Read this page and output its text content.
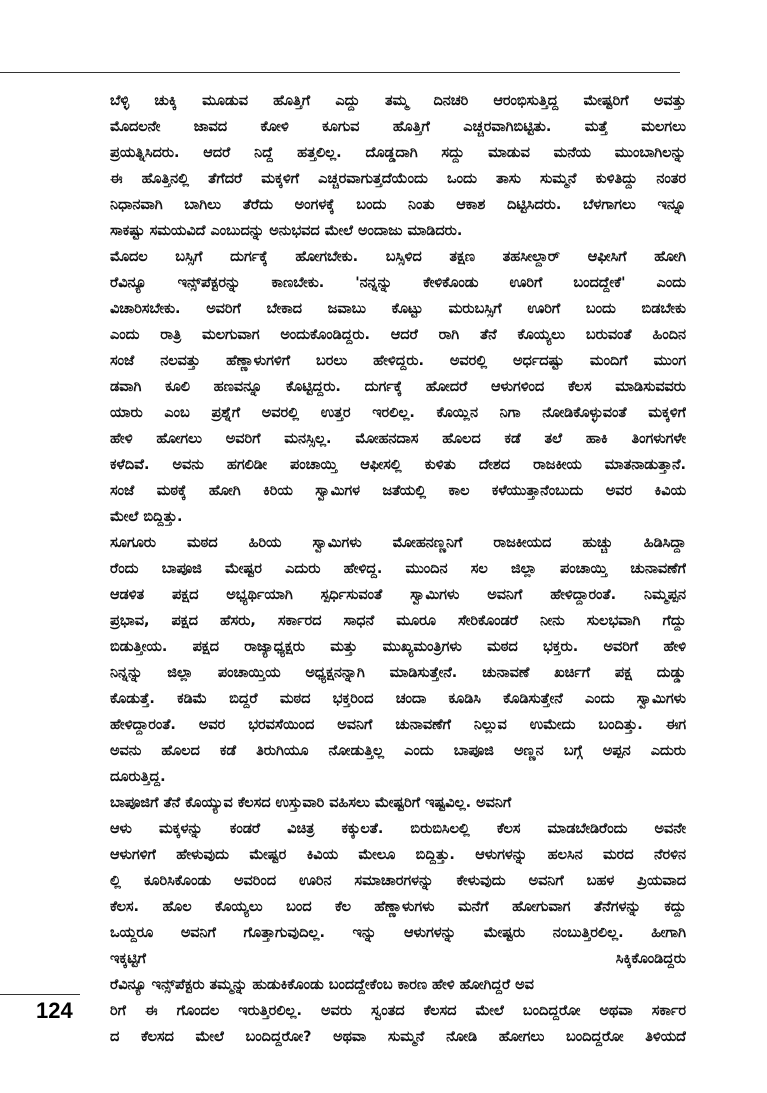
ಬೆಳ್ಳಿ ಚುಕ್ಕಿ ಮೂಡುವ ಹೊತ್ತಿಗೆ ಎದ್ದು ತಮ್ಮ ದಿನಚರಿ ಆರಂಭಿಸುತ್ತಿದ್ದ ಮೇಷ್ಟರಿಗೆ ಅವತ್ತು
ಮೊದಲನೇ ಜಾವದ ಕೋಳಿ ಕೂಗುವ ಹೊತ್ತಿಗೆ ಎಚ್ಚರವಾಗಿಬಿಟ್ಟಿತು. ಮತ್ತೆ ಮಲಗಲು
ಪ್ರಯತ್ನಿಸಿದರು. ಆದರೆ ನಿದ್ದೆ ಹತ್ತಲಿಲ್ಲ. ದೊಡ್ಡದಾಗಿ ಸದ್ದು ಮಾಡುವ ಮನೆಯ ಮುಂಬಾಗಿಲನ್ನು
ಈ ಹೊತ್ತಿನಲ್ಲಿ ತೆಗೆದರೆ ಮಕ್ಕಳಿಗೆ ಎಚ್ಚರವಾಗುತ್ತದೆಯೆಂದು ಒಂದು ತಾಸು ಸುಮ್ಮನೆ ಕುಳಿತಿದ್ದು ನಂತರ
ನಿಧಾನವಾಗಿ ಬಾಗಿಲು ತೆರೆದು ಅಂಗಳಕ್ಕೆ ಬಂದು ನಿಂತು ಆಕಾಶ ದಿಟ್ಟಿಸಿದರು. ಬೆಳಗಾಗಲು ಇನ್ನೂ
ಸಾಕಷ್ಟು ಸಮಯವಿದೆ ಎಂಬುದನ್ನು ಅನುಭವದ ಮೇಲೆ ಅಂದಾಜು ಮಾಡಿದರು.
ಮೊದಲ ಬಸ್ಸಿಗೆ ದುರ್ಗಕ್ಕೆ ಹೋಗಬೇಕು. ಬಸ್ಸಿಳಿದ ತಕ್ಷಣ ತಹಸೀಲ್ದಾರ್ ಆಫೀಸಿಗೆ ಹೋಗಿ
ರೆವಿನ್ಯೂ ಇನ್ಸ್‌ಪೆಕ್ಟರನ್ನು ಕಾಣಬೇಕು. 'ನನ್ನನ್ನು ಕೇಳಿಕೊಂಡು ಊರಿಗೆ ಬಂದದ್ದೇಕೆ' ಎಂದು
ವಿಚಾರಿಸಬೇಕು. ಅವರಿಗೆ ಬೇಕಾದ ಜವಾಬು ಕೊಟ್ಟು ಮರುಬಸ್ಸಿಗೆ ಊರಿಗೆ ಬಂದು ಬಿಡಬೇಕು
ಎಂದು ರಾತ್ರಿ ಮಲಗುವಾಗ ಅಂದುಕೊಂಡಿದ್ದರು. ಆದರೆ ರಾಗಿ ತೆನೆ ಕೊಯ್ಯಲು ಬರುವಂತೆ ಹಿಂದಿನ
ಸಂಜೆ ನಲವತ್ತು ಹೆಣ್ಣಾಳುಗಳಿಗೆ ಬರಲು ಹೇಳಿದ್ದರು. ಅವರಲ್ಲಿ ಅರ್ಧದಷ್ಟು ಮಂದಿಗೆ ಮುಂಗ
ಡವಾಗಿ ಕೂಲಿ ಹಣವನ್ನೂ ಕೊಟ್ಟಿದ್ದರು. ದುರ್ಗಕ್ಕೆ ಹೋದರೆ ಆಳುಗಳಿಂದ ಕೆಲಸ ಮಾಡಿಸುವವರು
ಯಾರು ಎಂಬ ಪ್ರಶ್ನೆಗೆ ಅವರಲ್ಲಿ ಉತ್ತರ ಇರಲಿಲ್ಲ. ಕೊಯ್ಲಿನ ನಿಗಾ ನೋಡಿಕೊಳ್ಳುವಂತೆ ಮಕ್ಕಳಿಗೆ
ಹೇಳಿ ಹೋಗಲು ಅವರಿಗೆ ಮನಸ್ಸಿಲ್ಲ. ಮೋಹನದಾಸ ಹೊಲದ ಕಡೆ ತಲೆ ಹಾಕಿ ತಿಂಗಳುಗಳೇ
ಕಳೆದಿವೆ. ಅವನು ಹಗಲಿಡೀ ಪಂಚಾಯ್ತಿ ಆಫೀಸಲ್ಲಿ ಕುಳಿತು ದೇಶದ ರಾಜಕೀಯ ಮಾತನಾಡುತ್ತಾನೆ.
ಸಂಜೆ ಮಠಕ್ಕೆ ಹೋಗಿ ಕಿರಿಯ ಸ್ವಾಮಿಗಳ ಜತೆಯಲ್ಲಿ ಕಾಲ ಕಳೆಯುತ್ತಾನೆಂಬುದು ಅವರ ಕಿವಿಯ
ಮೇಲೆ ಬಿದ್ದಿತ್ತು.
ಸೂಗೂರು ಮಠದ ಹಿರಿಯ ಸ್ವಾಮಿಗಳು ಮೋಹನಣ್ಣನಿಗೆ ರಾಜಕೀಯದ ಹುಚ್ಚು ಹಿಡಿಸಿದ್ದಾ
ರೆಂದು ಬಾಪೂಜಿ ಮೇಷ್ಟರ ಎದುರು ಹೇಳಿದ್ದ. ಮುಂದಿನ ಸಲ ಜಿಲ್ಲಾ ಪಂಚಾಯ್ತಿ ಚುನಾವಣೆಗೆ
ಆಡಳಿತ ಪಕ್ಷದ ಅಭ್ಯರ್ಥಿಯಾಗಿ ಸ್ಪರ್ಧಿಸುವಂತೆ ಸ್ವಾಮಿಗಳು ಅವನಿಗೆ ಹೇಳಿದ್ದಾರಂತೆ. ನಿಮ್ಮಪ್ಪನ
ಪ್ರಭಾವ, ಪಕ್ಷದ ಹೆಸರು, ಸರ್ಕಾರದ ಸಾಧನೆ ಮೂರೂ ಸೇರಿಕೊಂಡರೆ ನೀನು ಸುಲಭವಾಗಿ ಗೆದ್ದು
ಬಿಡುತ್ತೀಯ. ಪಕ್ಷದ ರಾಜ್ಯಾಧ್ಯಕ್ಷರು ಮತ್ತು ಮುಖ್ಯಮಂತ್ರಿಗಳು ಮಠದ ಭಕ್ತರು. ಅವರಿಗೆ ಹೇಳಿ
ನಿನ್ನನ್ನು ಜಿಲ್ಲಾ ಪಂಚಾಯ್ತಿಯ ಅಧ್ಯಕ್ಷನನ್ನಾಗಿ ಮಾಡಿಸುತ್ತೇನೆ. ಚುನಾವಣೆ ಖರ್ಚಿಗೆ ಪಕ್ಷ ದುಡ್ಡು
ಕೊಡುತ್ತೆ. ಕಡಿಮೆ ಬಿದ್ದರೆ ಮಠದ ಭಕ್ತರಿಂದ ಚಂದಾ ಕೂಡಿಸಿ ಕೊಡಿಸುತ್ತೇನೆ ಎಂದು ಸ್ವಾಮಿಗಳು
ಹೇಳಿದ್ದಾರಂತೆ. ಅವರ ಭರವಸೆಯಿಂದ ಅವನಿಗೆ ಚುನಾವಣೆಗೆ ನಿಲ್ಲುವ ಉಮೇದು ಬಂದಿತ್ತು. ಈಗ
ಅವನು ಹೊಲದ ಕಡೆ ತಿರುಗಿಯೂ ನೋಡುತ್ತಿಲ್ಲ ಎಂದು ಬಾಪೂಜಿ ಅಣ್ಣನ ಬಗ್ಗೆ ಅಪ್ಪನ ಎದುರು
ದೂರುತ್ತಿದ್ದ.
ಬಾಪೂಜಿಗೆ ತೆನೆ ಕೊಯ್ಯುವ ಕೆಲಸದ ಉಸ್ತುವಾರಿ ವಹಿಸಲು ಮೇಷ್ಟರಿಗೆ ಇಷ್ಟವಿಲ್ಲ. ಅವನಿಗೆ
ಆಳು ಮಕ್ಕಳನ್ನು ಕಂಡರೆ ವಿಚಿತ್ರ ಕಕ್ಕುಲತೆ. ಬಿರುಬಿಸಿಲಲ್ಲಿ ಕೆಲಸ ಮಾಡಬೇಡಿರೆಂದು ಅವನೇ
ಆಳುಗಳಿಗೆ ಹೇಳುವುದು ಮೇಷ್ಟರ ಕಿವಿಯ ಮೇಲೂ ಬಿದ್ದಿತ್ತು. ಆಳುಗಳನ್ನು ಹಲಸಿನ ಮರದ ನೆರಳಿನ
ಲ್ಲಿ ಕೂರಿಸಿಕೊಂಡು ಅವರಿಂದ ಊರಿನ ಸಮಾಚಾರಗಳನ್ನು ಕೇಳುವುದು ಅವನಿಗೆ ಬಹಳ ಪ್ರಿಯವಾದ
ಕೆಲಸ. ಹೊಲ ಕೊಯ್ಯಲು ಬಂದ ಕೆಲ ಹೆಣ್ಣಾಳುಗಳು ಮನೆಗೆ ಹೋಗುವಾಗ ತೆನೆಗಳನ್ನು ಕದ್ದು
ಒಯ್ದರೂ ಅವನಿಗೆ ಗೊತ್ತಾಗುವುದಿಲ್ಲ. ಇನ್ನು ಆಳುಗಳನ್ನು ಮೇಷ್ಟರು ನಂಬುತ್ತಿರಲಿಲ್ಲ. ಹೀಗಾಗಿ
ಇಕ್ಕಟ್ಟಿಗೆ ಸಿಕ್ಕಿಕೊಂಡಿದ್ದರು
ರೆವಿನ್ಯೂ ಇನ್ಸ್‌ಪೆಕ್ಟರು ತಮ್ಮನ್ನು ಹುಡುಕಿಕೊಂಡು ಬಂದದ್ದೇಕೆಂಬ ಕಾರಣ ಹೇಳಿ ಹೋಗಿದ್ದರೆ ಅವ
ರಿಗೆ ಈ ಗೊಂದಲ ಇರುತ್ತಿರಲಿಲ್ಲ. ಅವರು ಸ್ವಂತದ ಕೆಲಸದ ಮೇಲೆ ಬಂದಿದ್ದರೋ ಅಥವಾ ಸರ್ಕಾರ
ದ ಕೆಲಸದ ಮೇಲೆ ಬಂದಿದ್ದರೋ? ಅಥವಾ ಸುಮ್ಮನೆ ನೋಡಿ ಹೋಗಲು ಬಂದಿದ್ದರೋ ತಿಳಿಯದೆ
124
